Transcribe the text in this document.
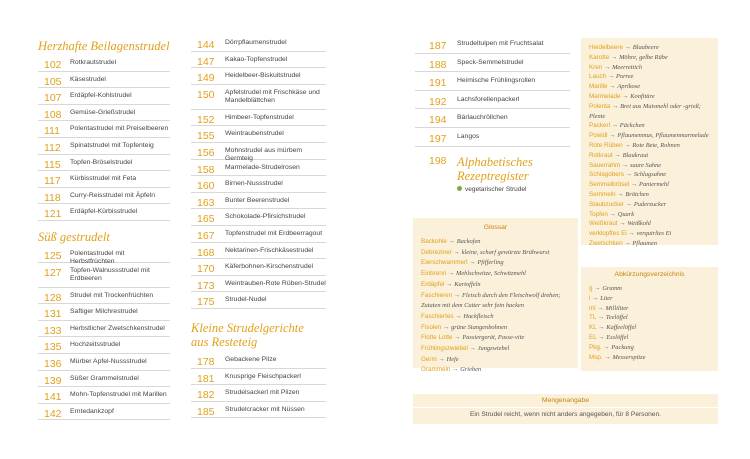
Herzhafte Beilagenstrudel

102	Rotkrautstrudel
105	Käsestrudel
107	Erdäpfel-Kohlstrudel
108	Gemüse-Grießstrudel
111	Polentastrudel mit Preiselbeeren
112	Spinatstrudel mit Topfenteig
115	Topfen-Bröselstrudel
117	Kürbisstrudel mit Feta
118	Curry-Reisstrudel mit Äpfeln
121	Erdäpfel-Kürbisstrudel

Süß gestrudelt

125	Polentastrudel mit Herbstfrüchten
127	Topfen-Walnussstrudel mit Erdbeeren
128	Strudel mit Trockenfrüchten
131	Saftiger Milchrestrudel
133	Herbstlicher Zwetschkenstrudel
135	Hochzeitsstrudel
136	Mürber Apfel-Nussstrudel
139	Süßer Grammelstrudel
141	Mohn-Topfenstrudel mit Marillen
142	Erntedankzopf
144	Dörrpflaumenstrudel
147	Kakao-Topfenstrudel
149	Heidelbeer-Biskuitstrudel
150	Apfelstrudel mit Frischkäse und Mandelblättchen
152	Himbeer-Topfenstrudel
155	Weintraubenstrudel
156	Mohnstrudel aus mürbem Germteig
158	Marmelade-Strudelrosen
160	Birnen-Nussstrudel
163	Bunter Beerenstrudel
165	Schokolade-Pfirsichstrudel
167	Topfenstrudel mit Erdbeerragout
168	Nektarinen-Frischkäsestrudel
170	Käferbohnen-Kirschenstrudel
173	Weintrauben-Rote Rüben-Strudel
175	Strudel-Nudel

Kleine Strudelgerichte
aus Resteteig

178	Gebackene Pilze
181	Knusprige Fleischpackerl
182	Strudelsackerl mit Pilzen
185	Strudelcracker mit Nüssen
187	Strudeltulpen mit Fruchtsalat
188	Speck-Semmelstrudel
191	Heimische Frühlingsrollen
192	Lachsforellenpackerl
194	Bärlauchröllchen
197	Langos
198 Alphabetisches
Rezeptregister

vegetarischer Strudel
Glossar
Backohle → Backofen
Debreziner → kleine, scharf gewürzte Brühwurst
Eierschwammerl → Pfifferling
Einbrenn → Mehlschwitze, Schwitzmehl
Erdäpfel → Kartoffeln
Faschieren → Fleisch durch den Fleischwolf drehen; Zutaten mit dem Cutter sehr fein hacken
Faschiertes → Hackfleisch
Fisolen → grüne Stangenbohnen
Flotte Lotte → Passiergerät, Passe-vite
Frühlingszwiebel → Jungzwiebel
Germ → Hefe
Grammeln → Grieben
Heidelbeere → Blaubeere
Karotte → Möhre, gelbe Rübe
Kren → Meerrettich
Lauch → Porree
Marille → Aprikose
Marmelade → Konfitüre
Polenta → Brei aus Maismehl oder -grieß; Plente
Packerl → Päckchen
Powidl → Pflaumenmus, Pflaumenmarmelade
Rote Rüben → Rote Bete, Rohnen
Rotkraut → Blaukraut
Sauerrahm → saure Sahne
Schlagobers → Schlagsahne
Semmelbrösel → Paniermehl
Semmeln → Brötchen
Staubzucker → Puderzucker
Topfen → Quark
Weißkraut → Weißkohl
verklopftes Ei → verquirltes Ei
Zwetschken → Pflaumen
Abkürzungsverzeichnis
g → Gramm
l → Liter
ml → Milliliter
TL → Teelöffel
KL → Kaffeelöffel
EL → Esslöffel
Pkg. → Packung
Msp. → Messerspitze
Mengenangabe
Ein Strudel reicht, wenn nicht anders angegeben, für 8 Personen.
